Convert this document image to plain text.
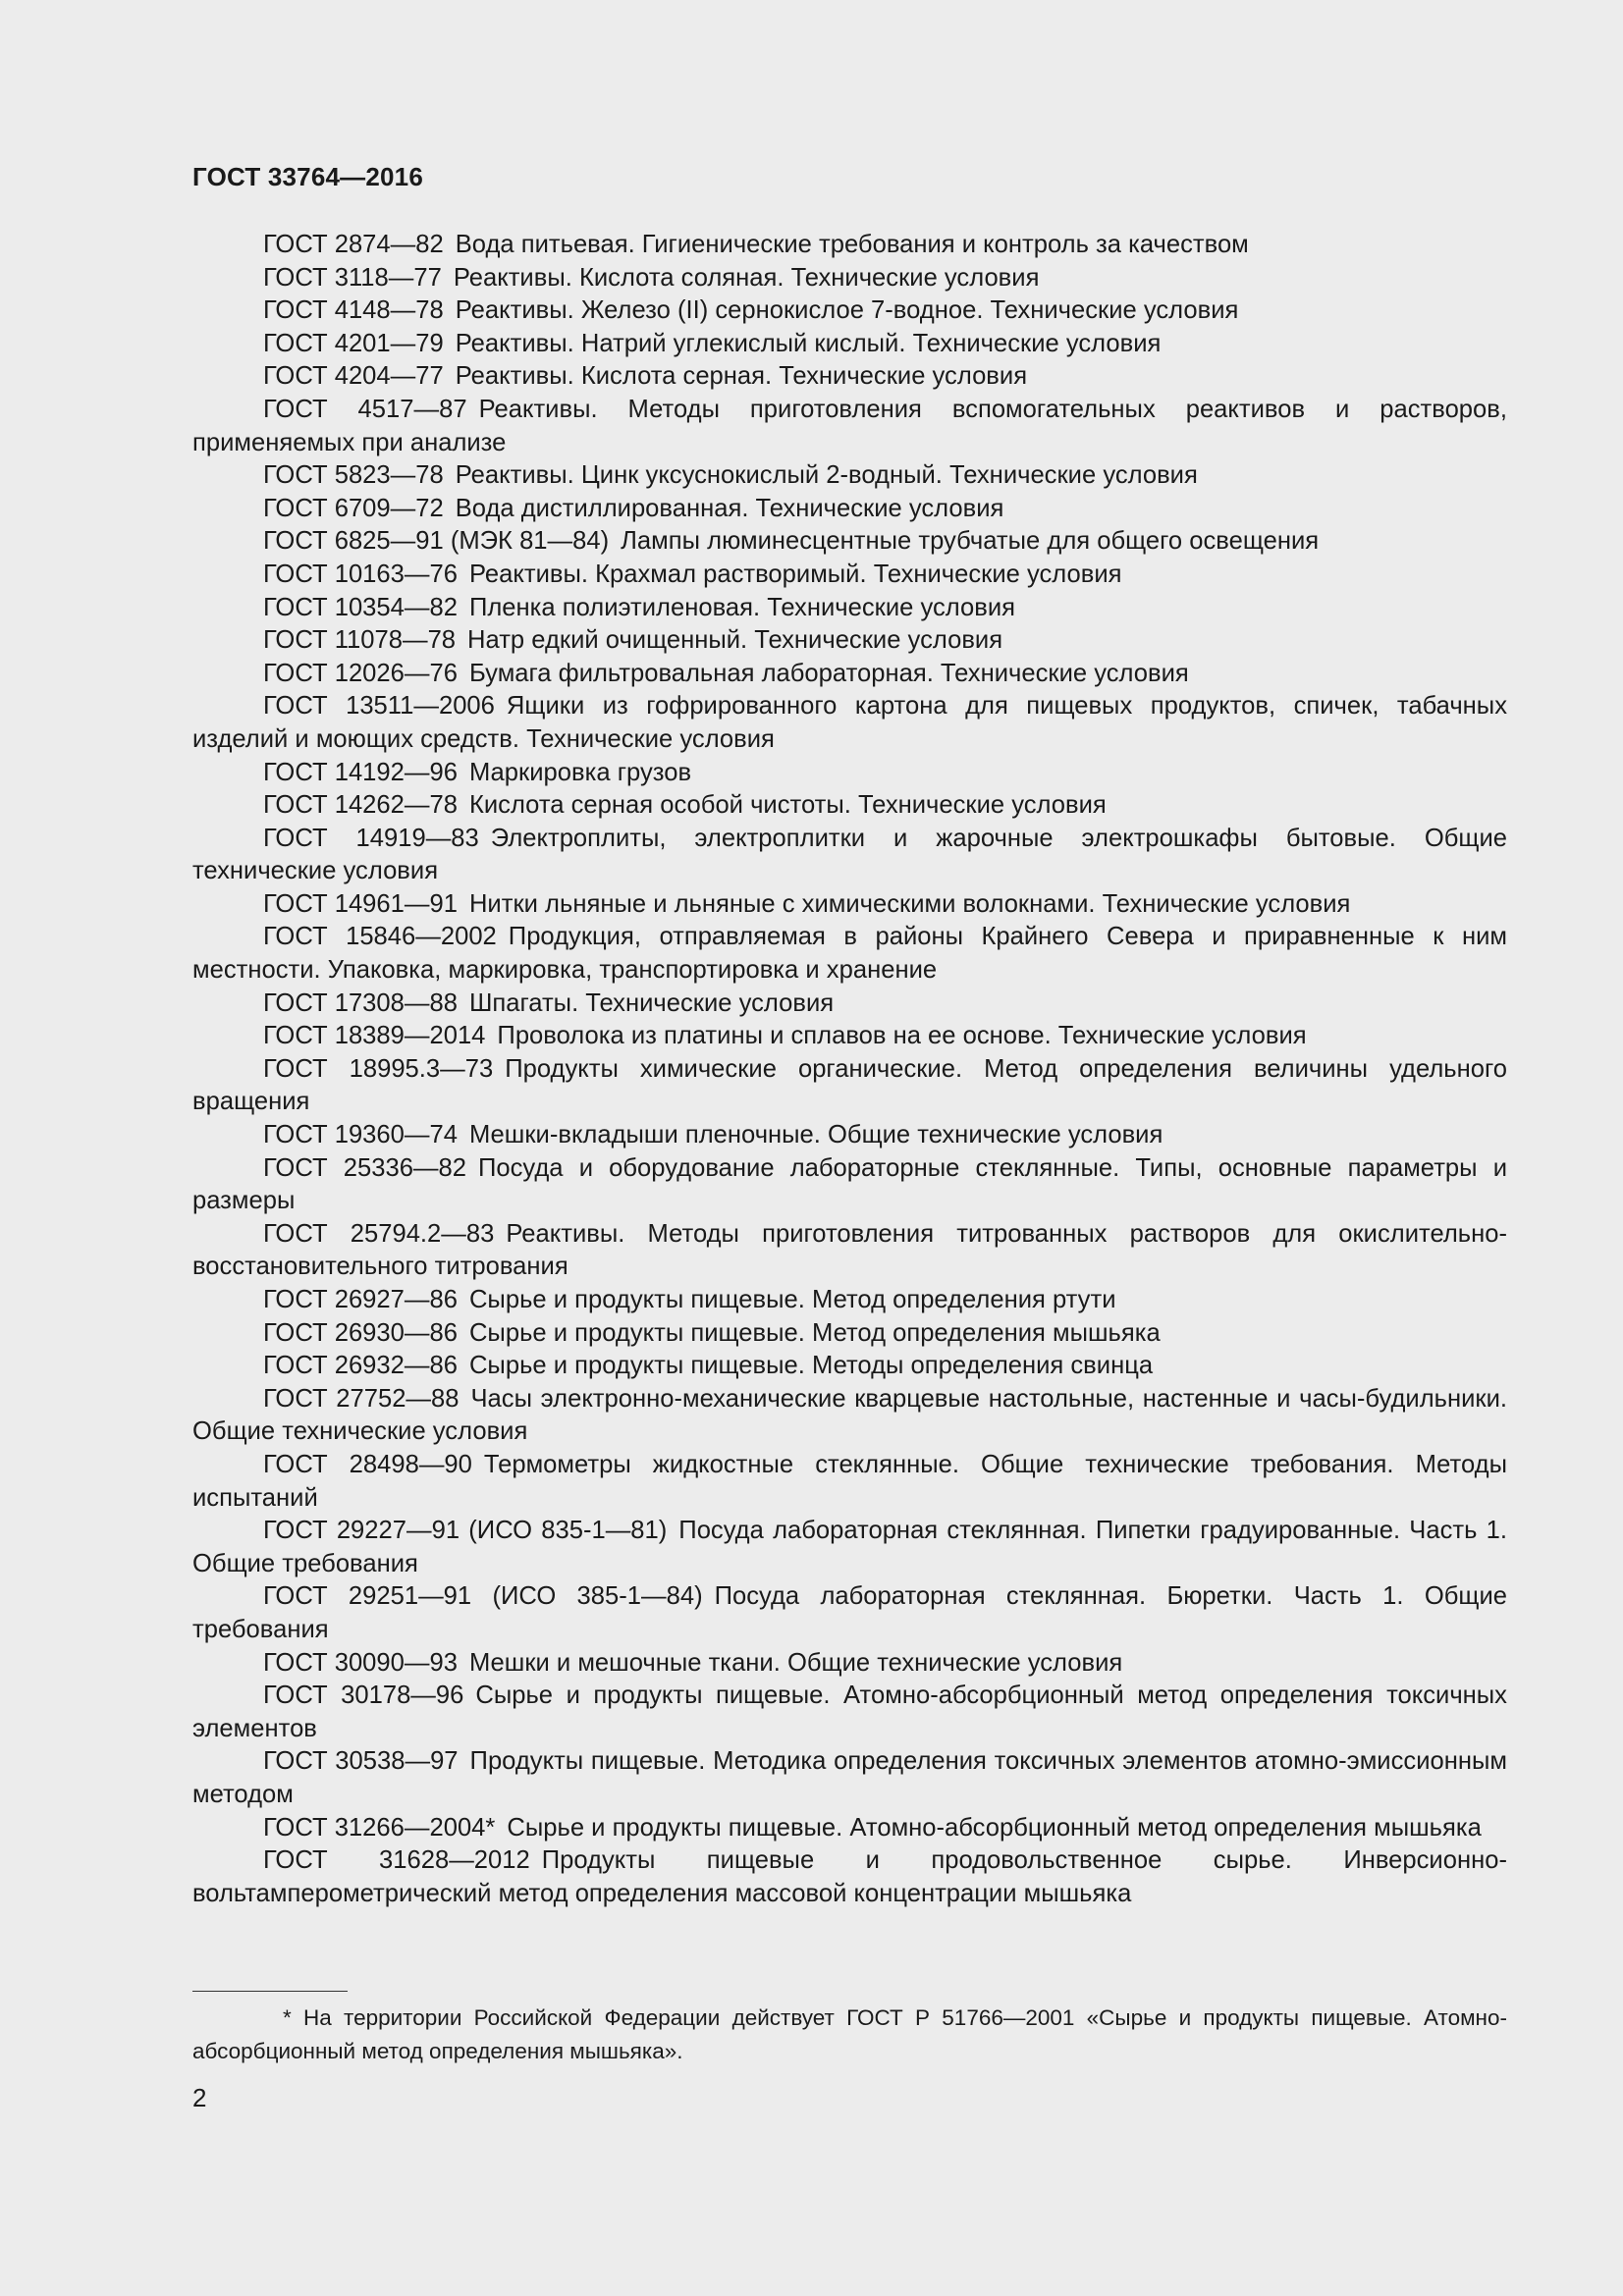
ГОСТ 33764—2016

ГОСТ 2874—82 Вода питьевая. Гигиенические требования и контроль за качеством

ГОСТ 3118—77 Реактивы. Кислота соляная. Технические условия

ГОСТ 4148—78 Реактивы. Железо (II) сернокислое 7-водное. Технические условия

ГОСТ 4201—79 Реактивы. Натрий углекислый кислый. Технические условия

ГОСТ 4204—77 Реактивы. Кислота серная. Технические условия

ГОСТ 4517—87 Реактивы. Методы приготовления вспомогательных реактивов и растворов, применяемых при анализе

ГОСТ 5823—78 Реактивы. Цинк уксуснокислый 2-водный. Технические условия

ГОСТ 6709—72 Вода дистиллированная. Технические условия

ГОСТ 6825—91 (МЭК 81—84) Лампы люминесцентные трубчатые для общего освещения

ГОСТ 10163—76 Реактивы. Крахмал растворимый. Технические условия

ГОСТ 10354—82 Пленка полиэтиленовая. Технические условия

ГОСТ 11078—78 Натр едкий очищенный. Технические условия

ГОСТ 12026—76 Бумага фильтровальная лабораторная. Технические условия

ГОСТ 13511—2006 Ящики из гофрированного картона для пищевых продуктов, спичек, табачных изделий и моющих средств. Технические условия

ГОСТ 14192—96 Маркировка грузов

ГОСТ 14262—78 Кислота серная особой чистоты. Технические условия

ГОСТ 14919—83 Электроплиты, электроплитки и жарочные электрошкафы бытовые. Общие технические условия

ГОСТ 14961—91 Нитки льняные и льняные с химическими волокнами. Технические условия

ГОСТ 15846—2002 Продукция, отправляемая в районы Крайнего Севера и приравненные к ним местности. Упаковка, маркировка, транспортировка и хранение

ГОСТ 17308—88 Шпагаты. Технические условия

ГОСТ 18389—2014 Проволока из платины и сплавов на ее основе. Технические условия

ГОСТ 18995.3—73 Продукты химические органические. Метод определения величины удельного вращения

ГОСТ 19360—74 Мешки-вкладыши пленочные. Общие технические условия

ГОСТ 25336—82 Посуда и оборудование лабораторные стеклянные. Типы, основные параметры и размеры

ГОСТ 25794.2—83 Реактивы. Методы приготовления титрованных растворов для окислительно-восстановительного титрования

ГОСТ 26927—86 Сырье и продукты пищевые. Метод определения ртути

ГОСТ 26930—86 Сырье и продукты пищевые. Метод определения мышьяка

ГОСТ 26932—86 Сырье и продукты пищевые. Методы определения свинца

ГОСТ 27752—88 Часы электронно-механические кварцевые настольные, настенные и часы-будильники. Общие технические условия

ГОСТ 28498—90 Термометры жидкостные стеклянные. Общие технические требования. Методы испытаний

ГОСТ 29227—91 (ИСО 835-1—81) Посуда лабораторная стеклянная. Пипетки градуированные. Часть 1. Общие требования

ГОСТ 29251—91 (ИСО 385-1—84) Посуда лабораторная стеклянная. Бюретки. Часть 1. Общие требования

ГОСТ 30090—93 Мешки и мешочные ткани. Общие технические условия

ГОСТ 30178—96 Сырье и продукты пищевые. Атомно-абсорбционный метод определения токсичных элементов

ГОСТ 30538—97 Продукты пищевые. Методика определения токсичных элементов атомно-эмиссионным методом

ГОСТ 31266—2004* Сырье и продукты пищевые. Атомно-абсорбционный метод определения мышьяка

ГОСТ 31628—2012 Продукты пищевые и продовольственное сырье. Инверсионно-вольтамперометрический метод определения массовой концентрации мышьяка

* На территории Российской Федерации действует ГОСТ Р 51766—2001 «Сырье и продукты пищевые. Атомно-абсорбционный метод определения мышьяка».

2
